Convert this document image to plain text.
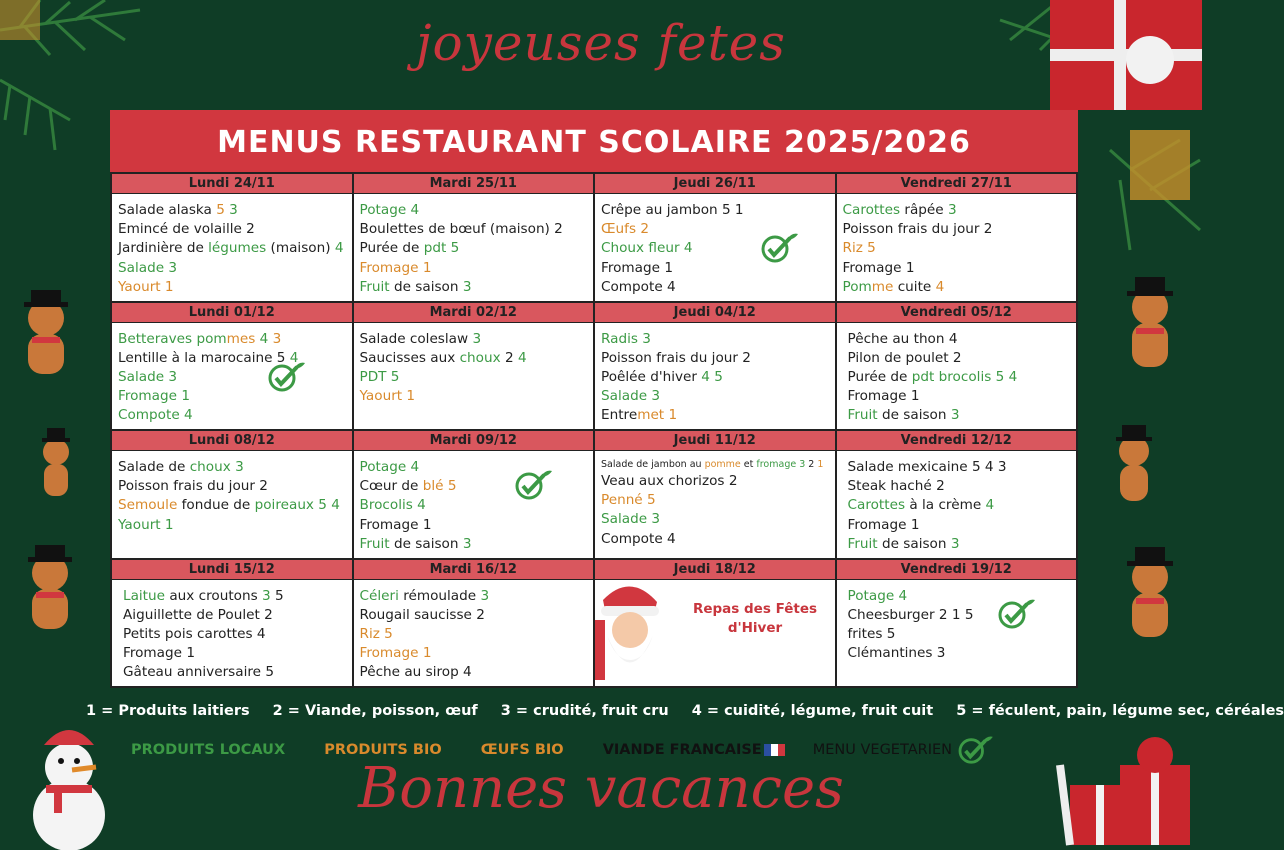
joyeuses fetes
MENUS RESTAURANT SCOLAIRE 2025/2026
Lundi 24/11
Salade alaska 5 3
Emincé de volaille 2
Jardinière de légumes (maison) 4
Salade 3
Yaourt 1
Mardi 25/11
Potage 4
Boulettes de bœuf (maison) 2
Purée de pdt 5
Fromage 1
Fruit de saison 3
Jeudi 26/11
Crêpe au jambon 5 1
Œufs 2
Choux fleur 4
Fromage 1
Compote 4
Vendredi 27/11
Carottes râpée 3
Poisson frais du jour 2
Riz 5
Fromage 1
Pomme cuite 4
Lundi 01/12
Betteraves pommes 4 3
Lentille à la marocaine 5 4
Salade 3
Fromage 1
Compote 4
Mardi 02/12
Salade coleslaw 3
Saucisses aux choux 2 4
PDT 5
Yaourt 1
Jeudi 04/12
Radis 3
Poisson frais du jour 2
Poêlée d'hiver 4 5
Salade 3
Entremet 1
Vendredi 05/12
Pêche au thon 4
Pilon de poulet 2
Purée de pdt brocolis 5 4
Fromage 1
Fruit de saison 3
Lundi 08/12
Salade de choux 3
Poisson frais du jour 2
Semoule fondue de poireaux 5 4
Yaourt 1
Mardi 09/12
Potage 4
Cœur de blé 5
Brocolis 4
Fromage 1
Fruit de saison 3
Jeudi 11/12
Salade de jambon au pomme et fromage 3 2 1
Veau aux chorizos 2
Penné 5
Salade 3
Compote 4
Vendredi 12/12
Salade mexicaine 5 4 3
Steak haché 2
Carottes à la crème 4
Fromage 1
Fruit de saison 3
Lundi 15/12
Laitue aux croutons 3 5
Aiguillette de Poulet 2
Petits pois carottes 4
Fromage 1
Gâteau anniversaire 5
Mardi 16/12
Céleri rémoulade 3
Rougail saucisse 2
Riz 5
Fromage 1
Pêche au sirop 4
Jeudi 18/12
Repas des Fêtes d'Hiver
Vendredi 19/12
Potage 4
Cheesburger 2 1 5
frites 5
Clémantines 3
1 = Produits laitiers 2 = Viande, poisson, œuf 3 = crudité, fruit cru 4 = cuidité, légume, fruit cuit 5 = féculent, pain, légume sec, céréales
PRODUITS LOCAUX	PRODUITS BIO	ŒUFS BIO	VIANDE FRANCAISE	MENU VEGETARIEN
Bonnes vacances
